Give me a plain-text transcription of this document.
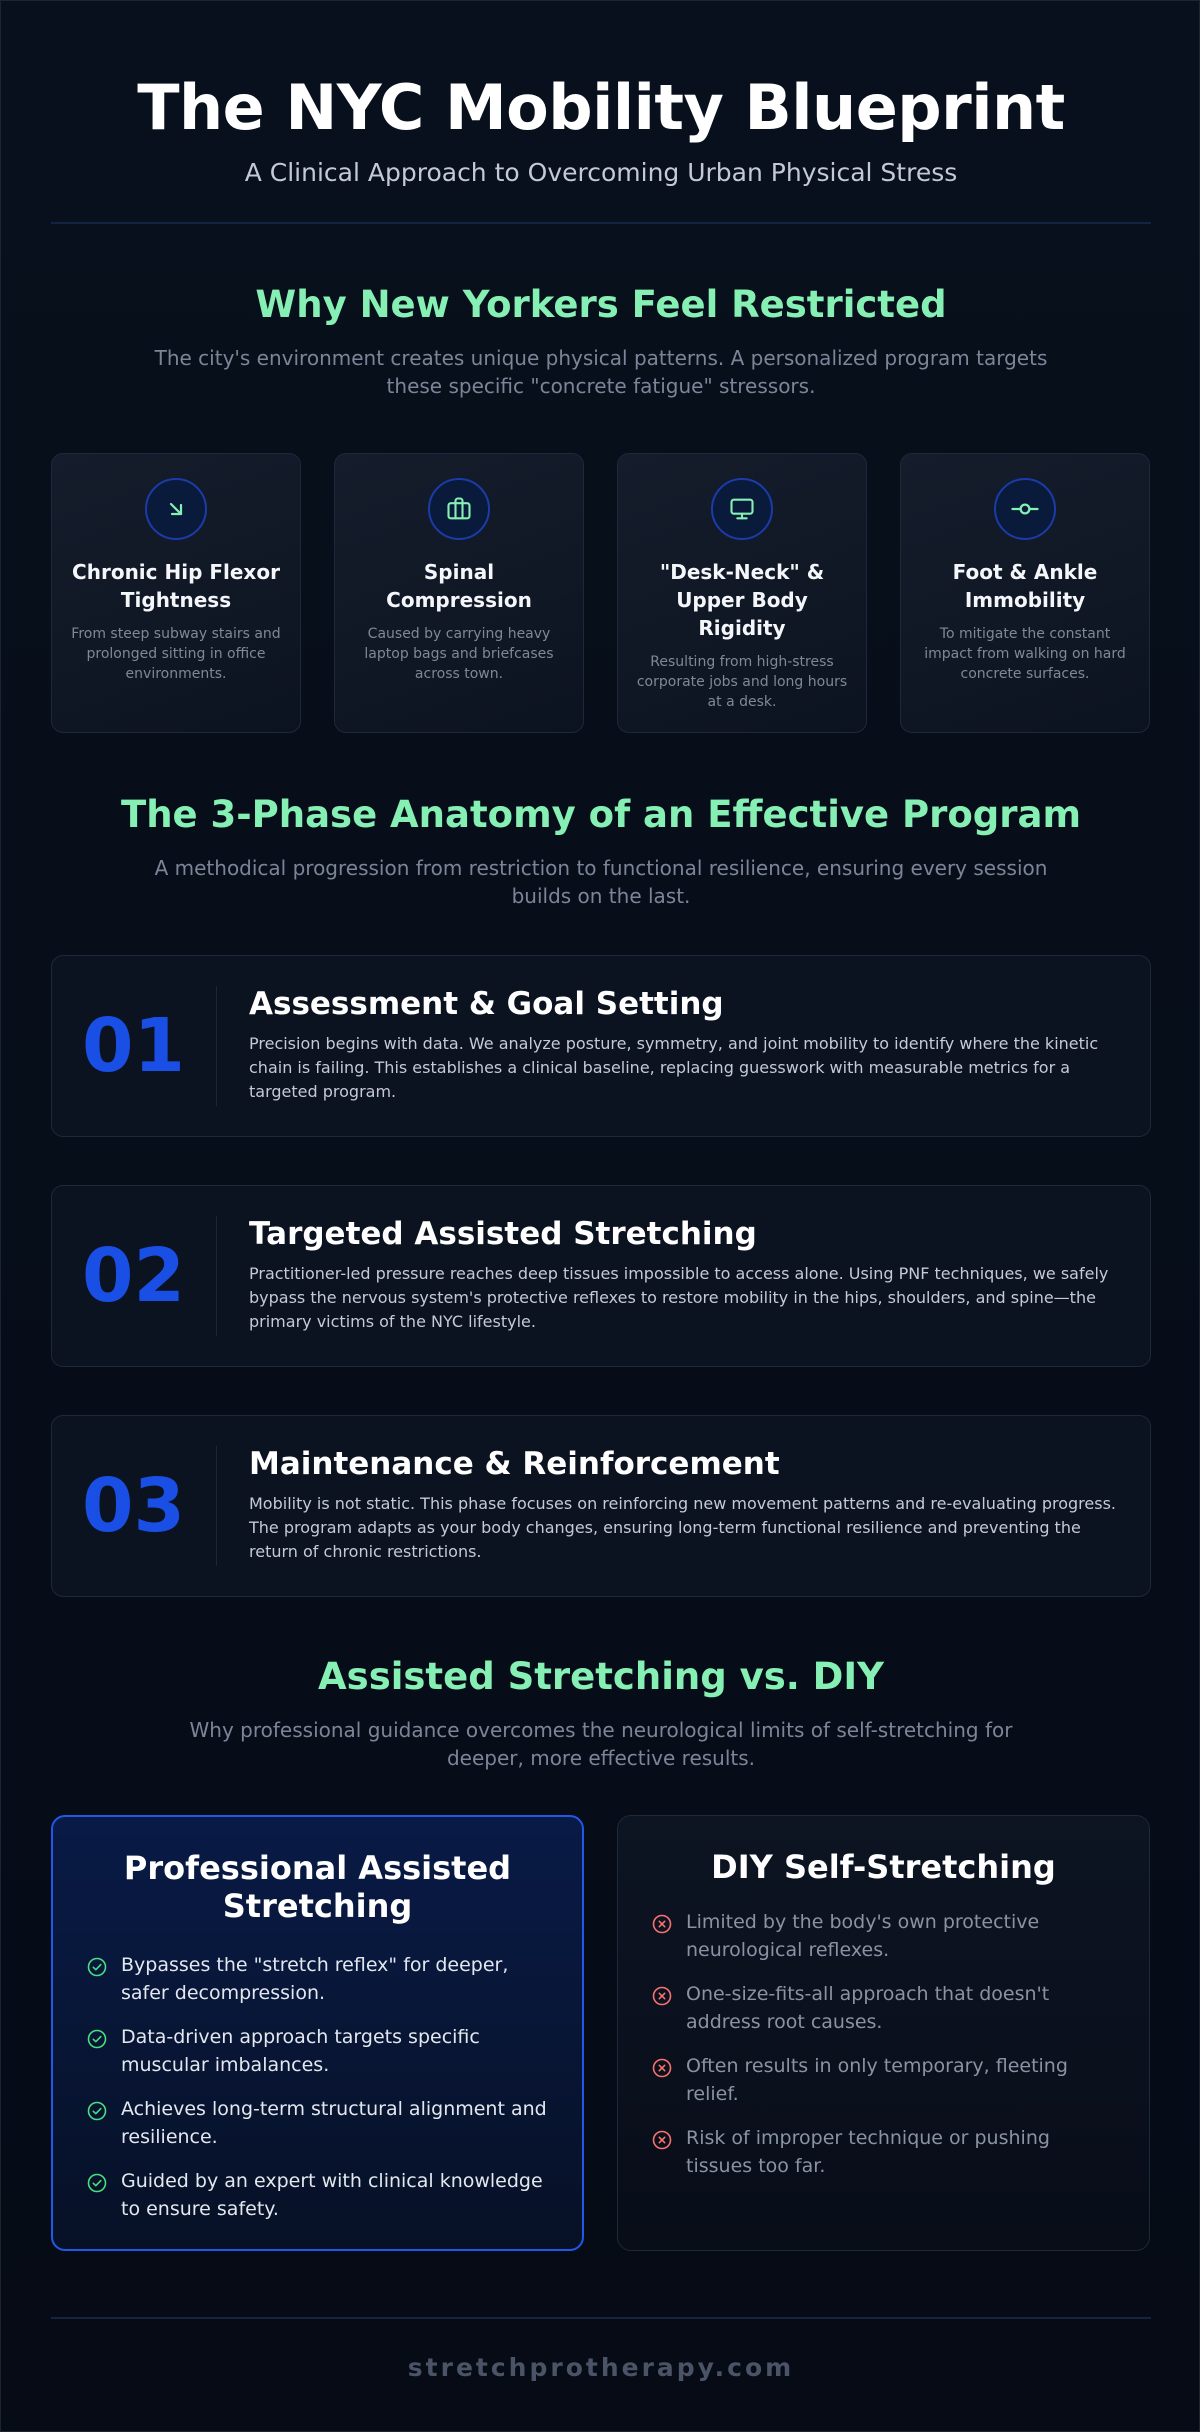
The NYC Mobility Blueprint
A Clinical Approach to Overcoming Urban Physical Stress
Why New Yorkers Feel Restricted

The city's environment creates unique physical patterns. A personalized program targets these specific "concrete fatigue" stressors.

Chronic Hip Flexor Tightness

From steep subway stairs and prolonged sitting in office environments.

Spinal Compression

Caused by carrying heavy laptop bags and briefcases across town.

"Desk-Neck" & Upper Body Rigidity

Resulting from high-stress corporate jobs and long hours at a desk.

Foot & Ankle Immobility

To mitigate the constant impact from walking on hard concrete surfaces.

The 3-Phase Anatomy of an Effective Program

A methodical progression from restriction to functional resilience, ensuring every session builds on the last.

01	Assessment & Goal Setting

Precision begins with data. We analyze posture, symmetry, and joint mobility to identify where the kinetic chain is failing. This establishes a clinical baseline, replacing guesswork with measurable metrics for a targeted program.

02	Targeted Assisted Stretching

Practitioner-led pressure reaches deep tissues impossible to access alone. Using PNF techniques, we safely bypass the nervous system's protective reflexes to restore mobility in the hips, shoulders, and spine—the primary victims of the NYC lifestyle.

03	Maintenance & Reinforcement

Mobility is not static. This phase focuses on reinforcing new movement patterns and re-evaluating progress. The program adapts as your body changes, ensuring long-term functional resilience and preventing the return of chronic restrictions.

Assisted Stretching vs. DIY

Why professional guidance overcomes the neurological limits of self-stretching for deeper, more effective results.

Professional Assisted Stretching
Bypasses the "stretch reflex" for deeper, safer decompression.
Data-driven approach targets specific muscular imbalances.
Achieves long-term structural alignment and resilience.
Guided by an expert with clinical knowledge to ensure safety.
DIY Self-Stretching
Limited by the body's own protective neurological reflexes.
One-size-fits-all approach that doesn't address root causes.
Often results in only temporary, fleeting relief.
Risk of improper technique or pushing tissues too far.
stretchprotherapy.com
